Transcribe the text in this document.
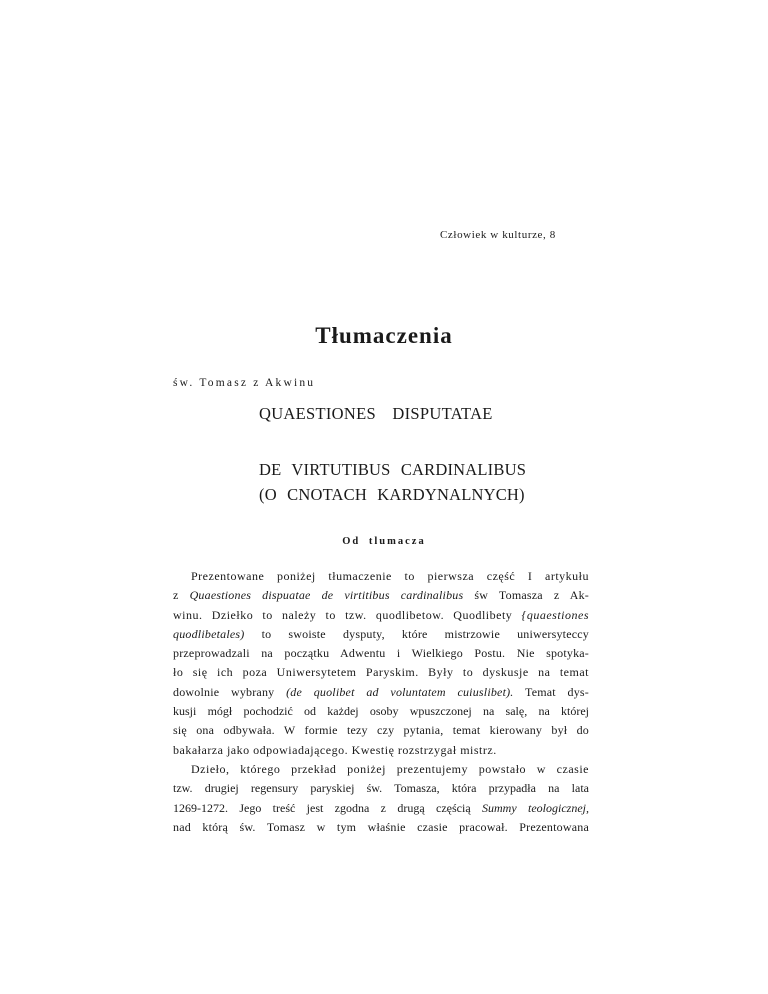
Człowiek w kulturze, 8
Tłumaczenia
św. Tomasz z Akwinu
QUAESTIONES DISPUTATAE
DE VIRTUTIBUS CARDINALIBUS
(O CNOTACH KARDYNALNYCH)
Od tlumacza
Prezentowane poniżej tłumaczenie to pierwsza część I artykułu
z Quaestiones dispuatae de virtitibus cardinalibus św Tomasza z Ak-
winu. Dziełko to należy to tzw. quodlibetow. Quodlibety {quaestiones
quodlibetales) to swoiste dysputy, które mistrzowie uniwersyteccy
przeprowadzali na początku Adwentu i Wielkiego Postu. Nie spotyka-
ło się ich poza Uniwersytetem Paryskim. Były to dyskusje na temat
dowolnie wybrany (de quolibet ad voluntatem cuiuslibet). Temat dys-
kusji mógł pochodzić od każdej osoby wpuszczonej na salę, na której
się ona odbywała. W formie tezy czy pytania, temat kierowany był do
bakałarza jako odpowiadającego. Kwestię rozstrzygał mistrz.
Dzieło, którego przekład poniżej prezentujemy powstało w czasie
tzw. drugiej regensury paryskiej św. Tomasza, która przypadła na lata
1269-1272. Jego treść jest zgodna z drugą częścią Summy teologicznej,
nad którą św. Tomasz w tym właśnie czasie pracował. Prezentowana
